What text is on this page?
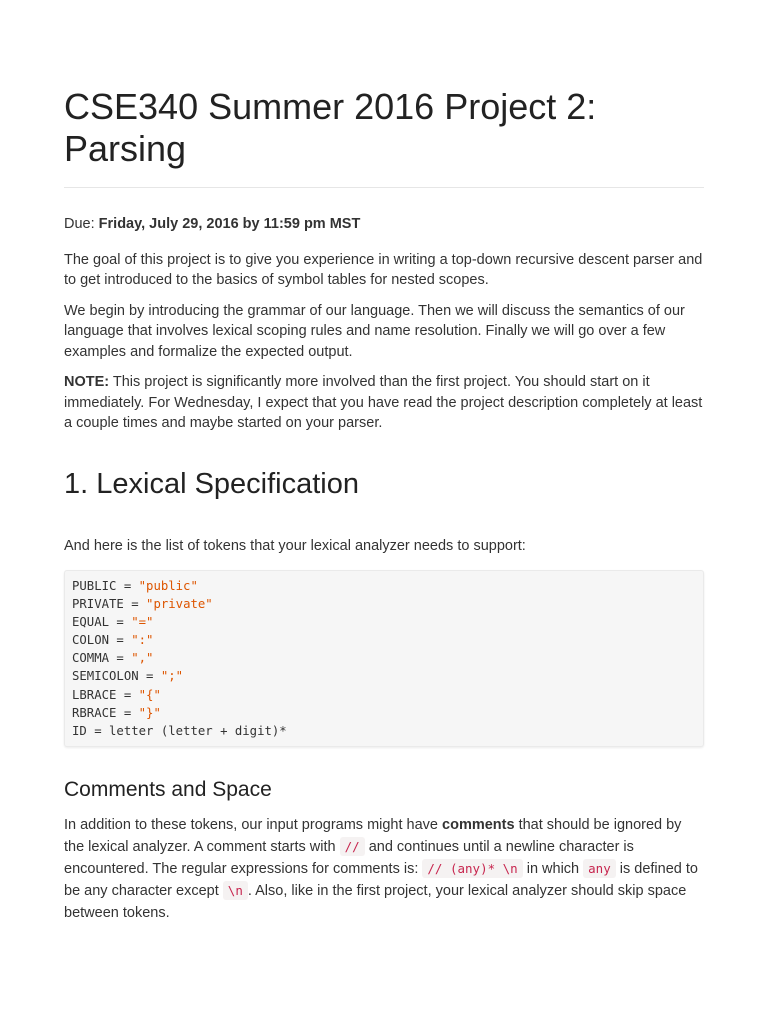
CSE340 Summer 2016 Project 2: Parsing

Due: Friday, July 29, 2016 by 11:59 pm MST

The goal of this project is to give you experience in writing a top-down recursive descent parser and to get introduced to the basics of symbol tables for nested scopes.

We begin by introducing the grammar of our language. Then we will discuss the semantics of our language that involves lexical scoping rules and name resolution. Finally we will go over a few examples and formalize the expected output.

NOTE: This project is significantly more involved than the first project. You should start on it immediately. For Wednesday, I expect that you have read the project description completely at least a couple times and maybe started on your parser.

1. Lexical Specification

And here is the list of tokens that your lexical analyzer needs to support:

PUBLIC = "public"
PRIVATE = "private"
EQUAL = "="
COLON = ":"
COMMA = ","
SEMICOLON = ";"
LBRACE = "{"
RBRACE = "}"
ID = letter (letter + digit)*
Comments and Space

In addition to these tokens, our input programs might have comments that should be ignored by the lexical analyzer. A comment starts with // and continues until a newline character is encountered. The regular expressions for comments is: // (any)* \n in which any is defined to be any character except \n . Also, like in the first project, your lexical analyzer should skip space between tokens.
